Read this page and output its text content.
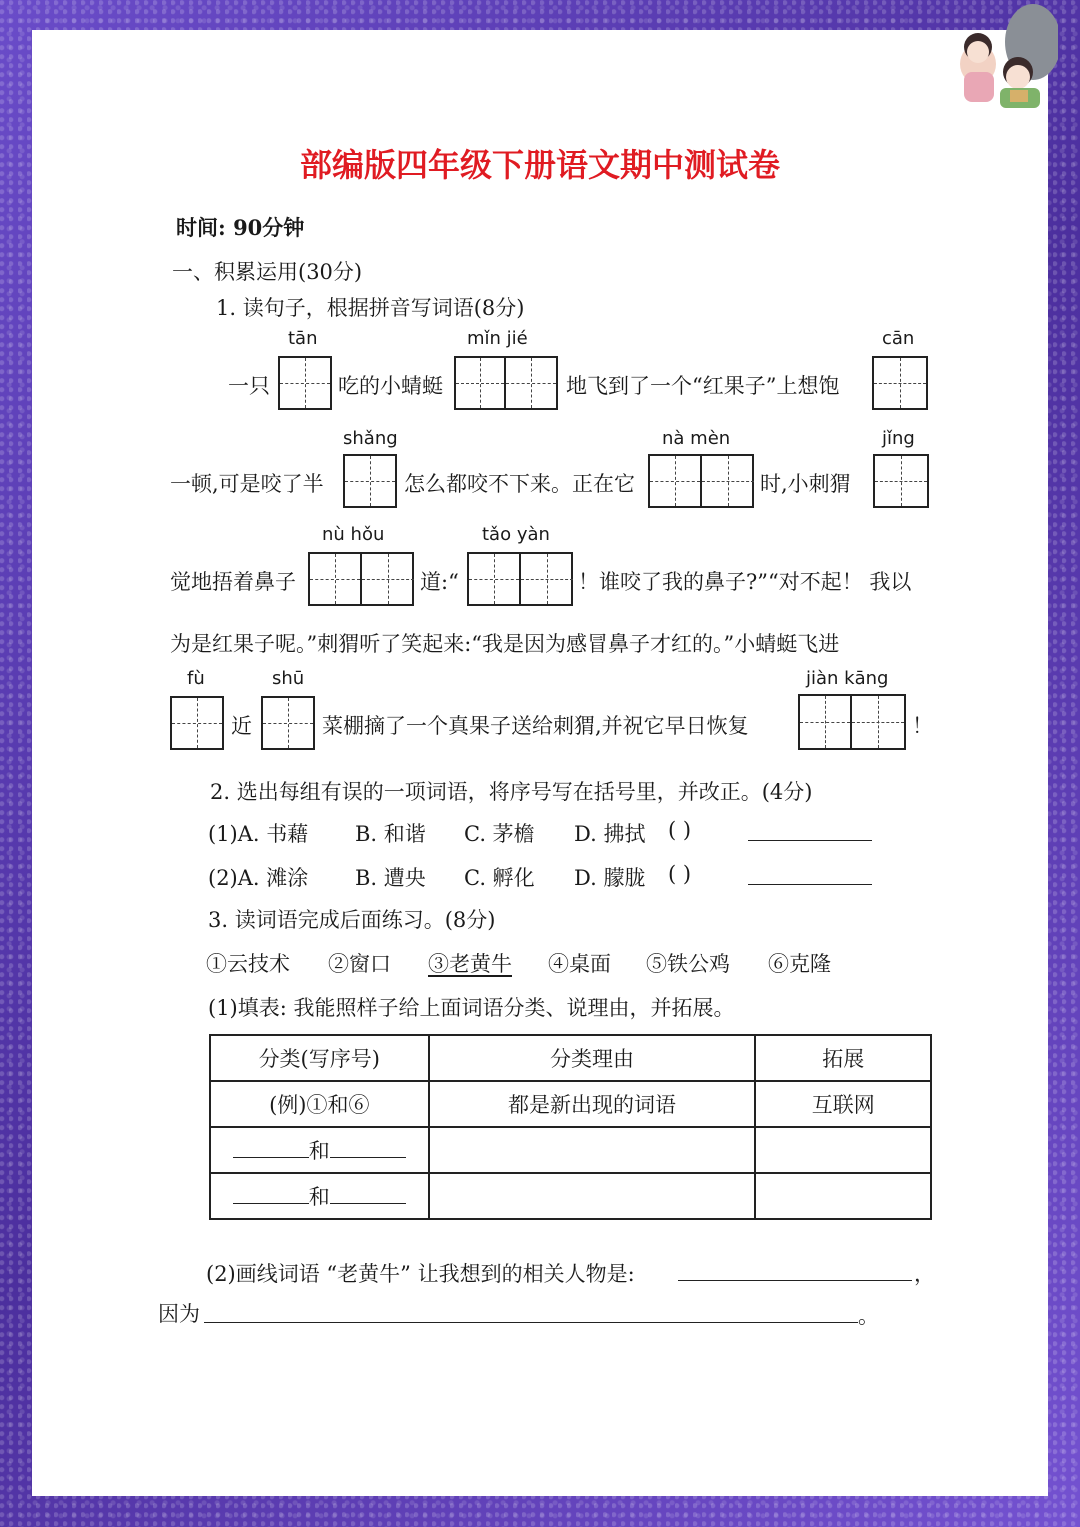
部编版四年级下册语文期中测试卷
时间: 90分钟
一、积累运用(30分)
1. 读句子，根据拼音写词语(8分)
tān	mǐn jié	cān
一只	吃的小蜻蜓	地飞到了一个“红果子”上想饱
shǎng	nà mèn	jǐng
一顿,可是咬了半	怎么都咬不下来。正在它	时,小刺猬
nù hǒu	tǎo yàn
觉地捂着鼻子	道:“	！谁咬了我的鼻子?”“对不起！ 我以
为是红果子呢。”刺猬听了笑起来:“我是因为感冒鼻子才红的。”小蜻蜓飞进
fù	shū	jiàn kāng
近	菜棚摘了一个真果子送给刺猬,并祝它早日恢复	！
2. 选出每组有误的一项词语，将序号写在括号里，并改正。(4分)
(1)A. 书藉 B. 和谐 C. 茅檐 D. 拂拭 ( )
(2)A. 滩涂 B. 遭央 C. 孵化 D. 朦胧 ( )
3. 读词语完成后面练习。(8分)
①云技术 ②窗口 ③老黄牛 ④桌面 ⑤铁公鸡 ⑥克隆
(1)填表: 我能照样子给上面词语分类、说理由，并拓展。
分类(写序号)	分类理由	拓展
(例)①和⑥	都是新出现的词语	互联网
和		
和		
(2)画线词语 “老黄牛” 让我想到的相关人物是:	，
因为	。
